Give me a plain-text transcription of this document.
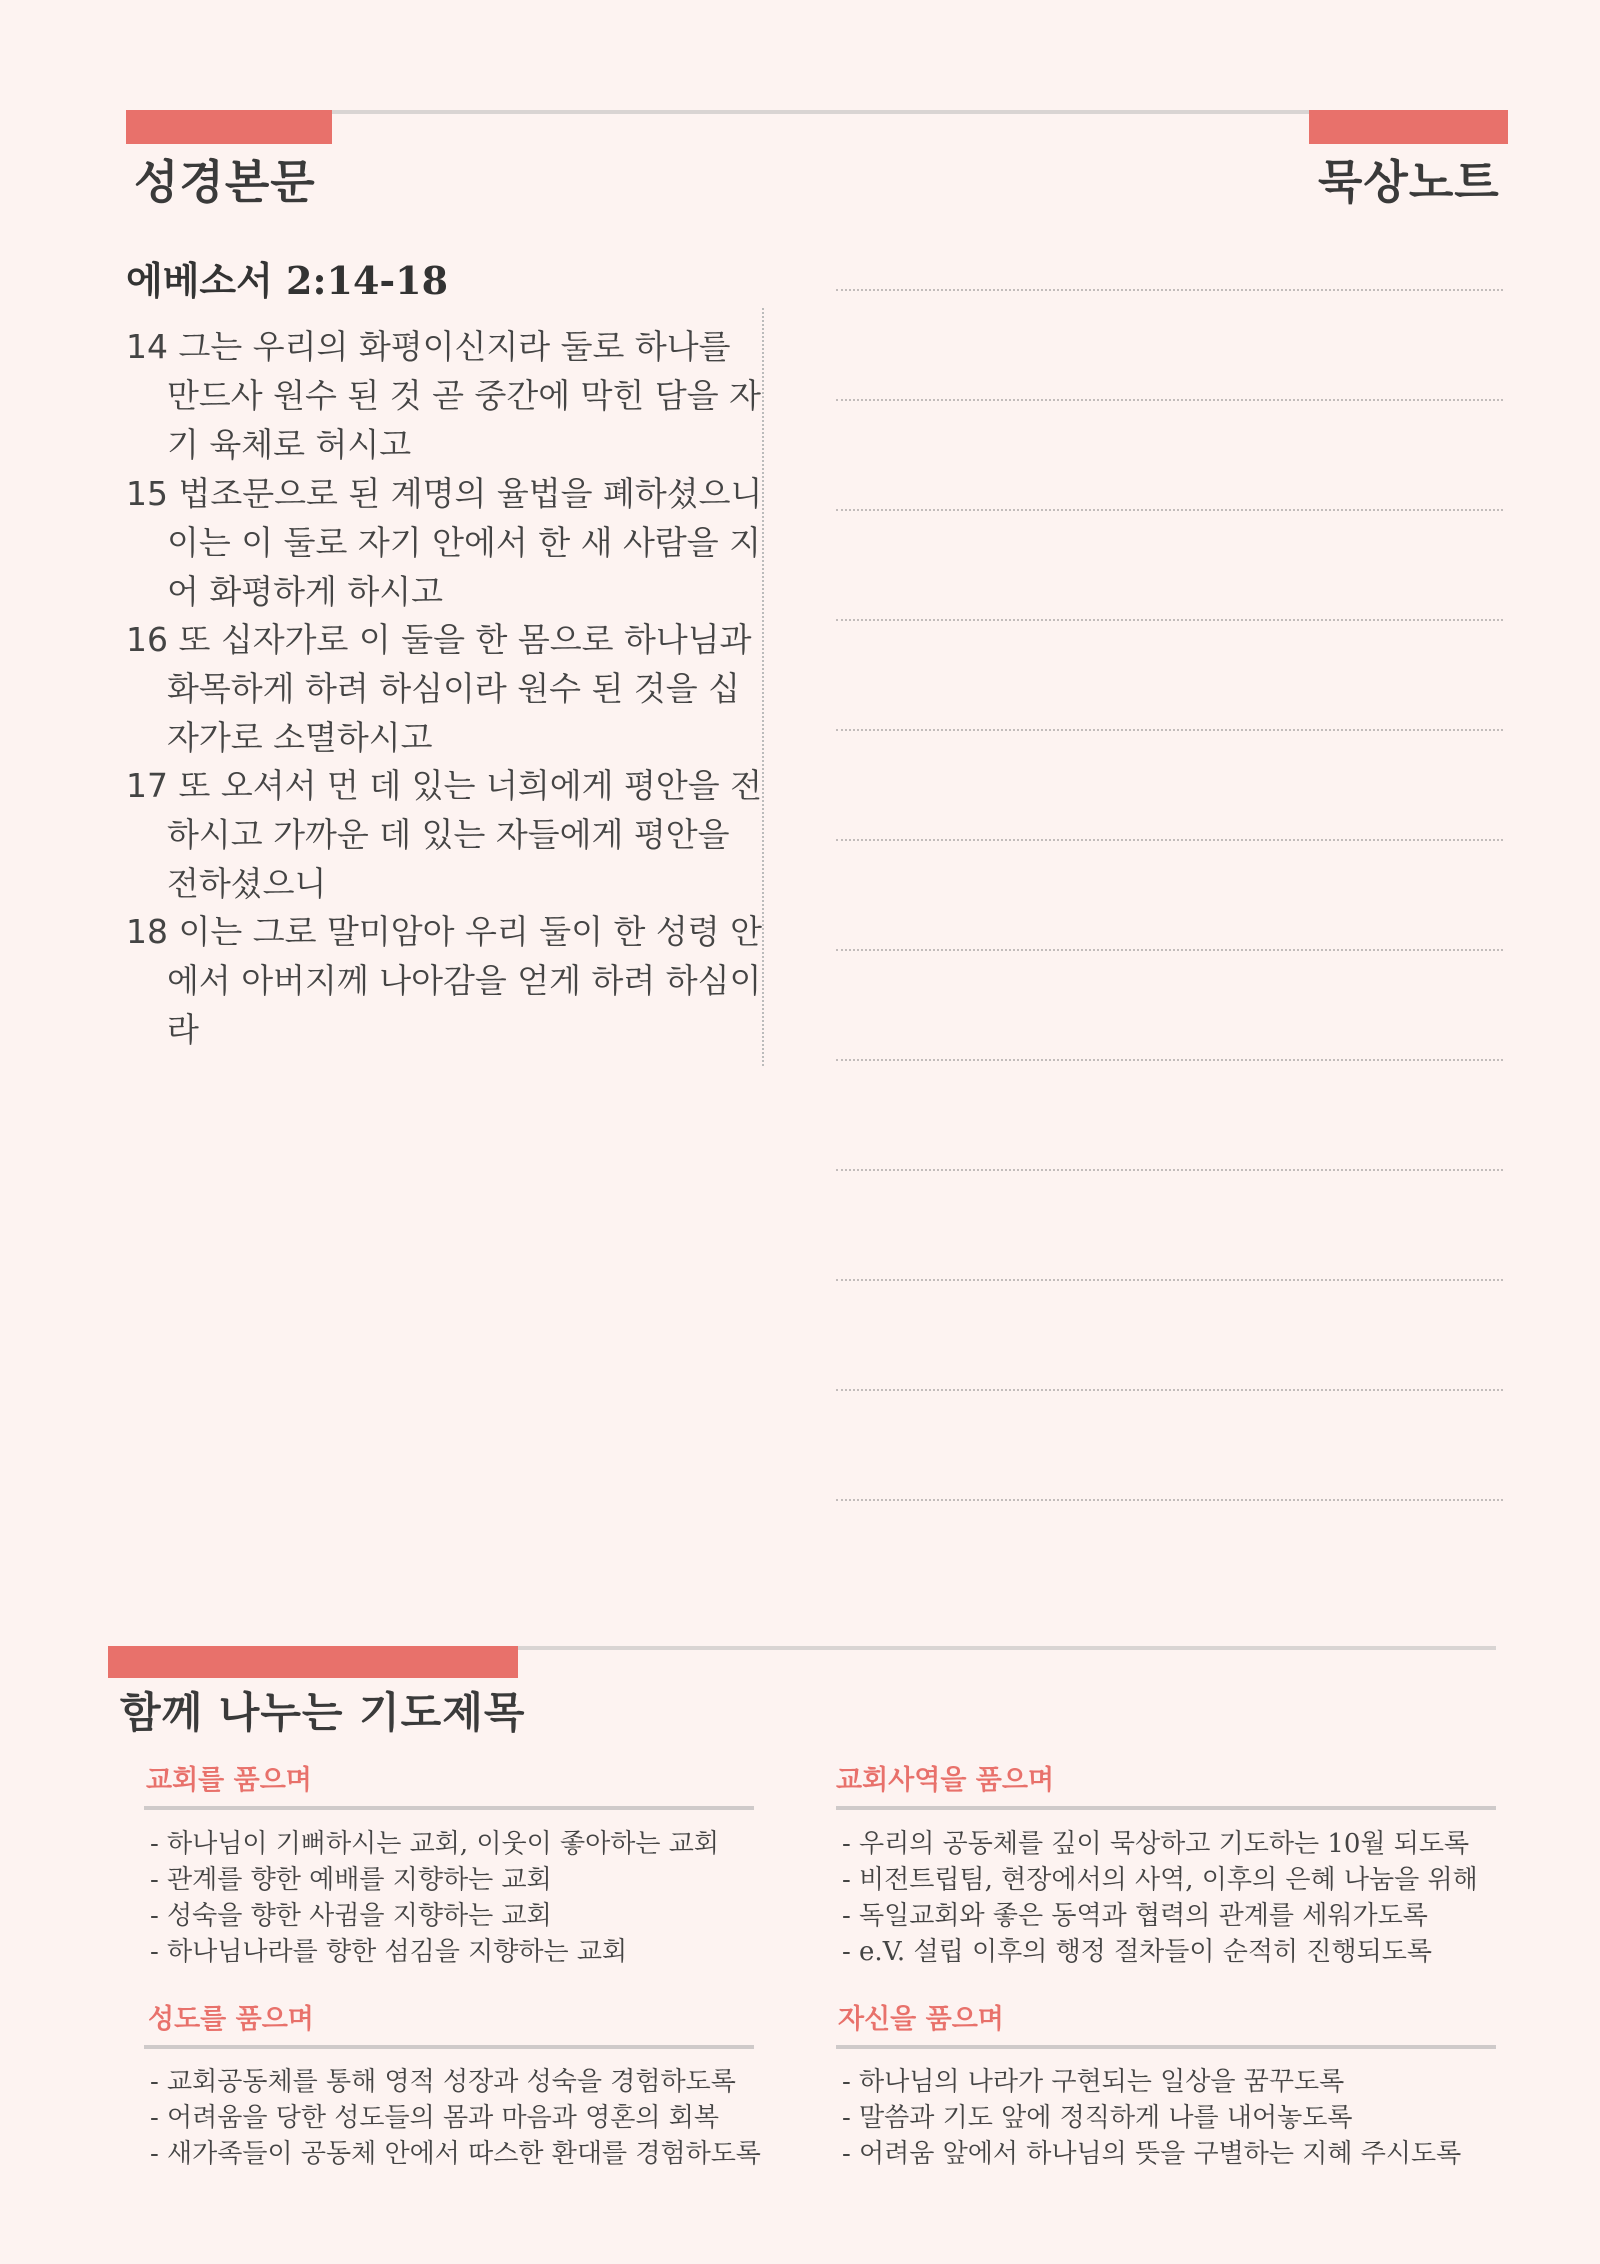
성경본문	묵상노트
에베소서 2:14-18
14 그는 우리의 화평이신지라 둘로 하나를 만드사 원수 된 것 곧 중간에 막힌 담을 자기 육체로 허시고
15 법조문으로 된 계명의 율법을 폐하셨으니 이는 이 둘로 자기 안에서 한 새 사람을 지어 화평하게 하시고
16 또 십자가로 이 둘을 한 몸으로 하나님과 화목하게 하려 하심이라 원수 된 것을 십자가로 소멸하시고
17 또 오셔서 먼 데 있는 너희에게 평안을 전하시고 가까운 데 있는 자들에게 평안을 전하셨으니
18 이는 그로 말미암아 우리 둘이 한 성령 안에서 아버지께 나아감을 얻게 하려 하심이라
함께 나누는 기도제목
교회를 품으며
- 하나님이 기뻐하시는 교회, 이웃이 좋아하는 교회
- 관계를 향한 예배를 지향하는 교회
- 성숙을 향한 사귐을 지향하는 교회
- 하나님나라를 향한 섬김을 지향하는 교회
교회사역을 품으며
- 우리의 공동체를 깊이 묵상하고 기도하는 10월 되도록
- 비전트립팀, 현장에서의 사역, 이후의 은혜 나눔을 위해
- 독일교회와 좋은 동역과 협력의 관계를 세워가도록
- e.V. 설립 이후의 행정 절차들이 순적히 진행되도록
성도를 품으며
- 교회공동체를 통해 영적 성장과 성숙을 경험하도록
- 어려움을 당한 성도들의 몸과 마음과 영혼의 회복
- 새가족들이 공동체 안에서 따스한 환대를 경험하도록
자신을 품으며
- 하나님의 나라가 구현되는 일상을 꿈꾸도록
- 말씀과 기도 앞에 정직하게 나를 내어놓도록
- 어려움 앞에서 하나님의 뜻을 구별하는 지혜 주시도록
